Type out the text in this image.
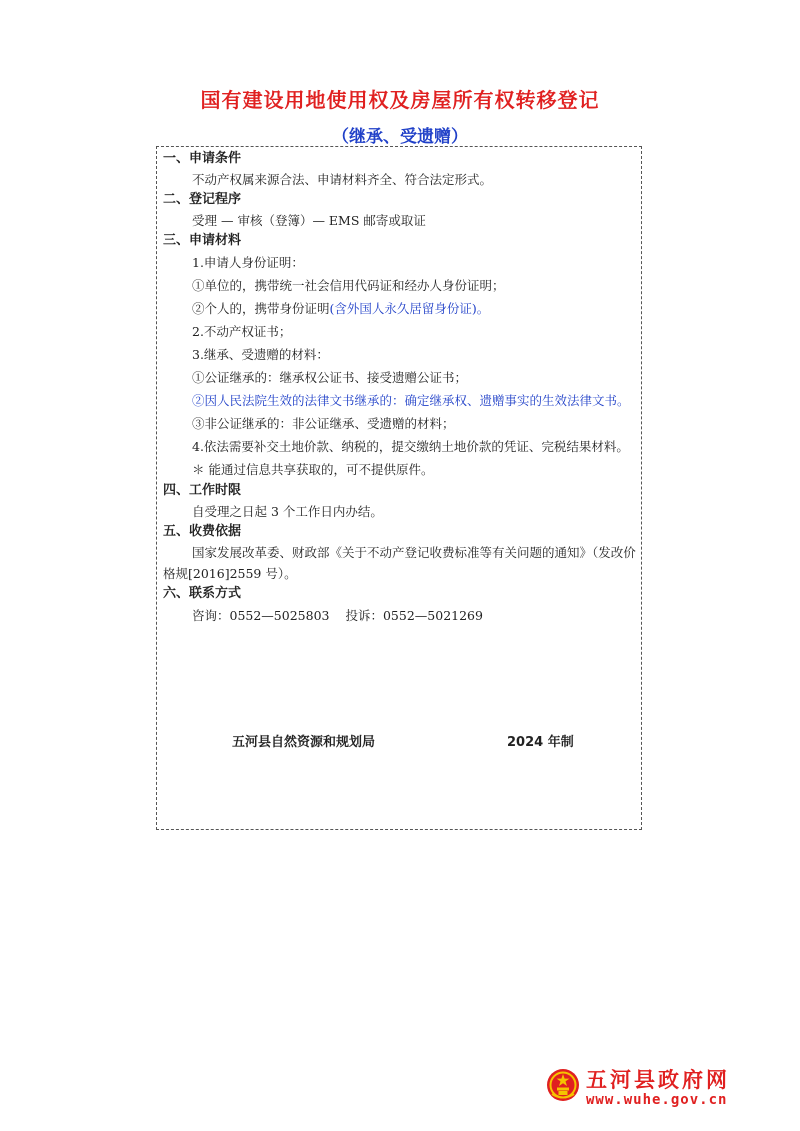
国有建设用地使用权及房屋所有权转移登记
（继承、受遗赠）
一、申请条件
不动产权属来源合法、申请材料齐全、符合法定形式。
二、登记程序
受理 — 审核（登簿）— EMS 邮寄或取证
三、申请材料
1.申请人身份证明：
①单位的，携带统一社会信用代码证和经办人身份证明；
②个人的，携带身份证明(含外国人永久居留身份证)。
2.不动产权证书；
3.继承、受遗赠的材料：
①公证继承的：继承权公证书、接受遗赠公证书；
②因人民法院生效的法律文书继承的：确定继承权、遗赠事实的生效法律文书。
③非公证继承的：非公证继承、受遗赠的材料；
4.依法需要补交土地价款、纳税的，提交缴纳土地价款的凭证、完税结果材料。
＊ 能通过信息共享获取的，可不提供原件。
四、工作时限
自受理之日起 3 个工作日内办结。
五、收费依据
国家发展改革委、财政部《关于不动产登记收费标准等有关问题的通知》（发改价格规[2016]2559 号）。
六、联系方式
咨询：0552—5025803 投诉：0552—5021269
五河县自然资源和规划局	2024 年制
五河县政府网
www.wuhe.gov.cn
